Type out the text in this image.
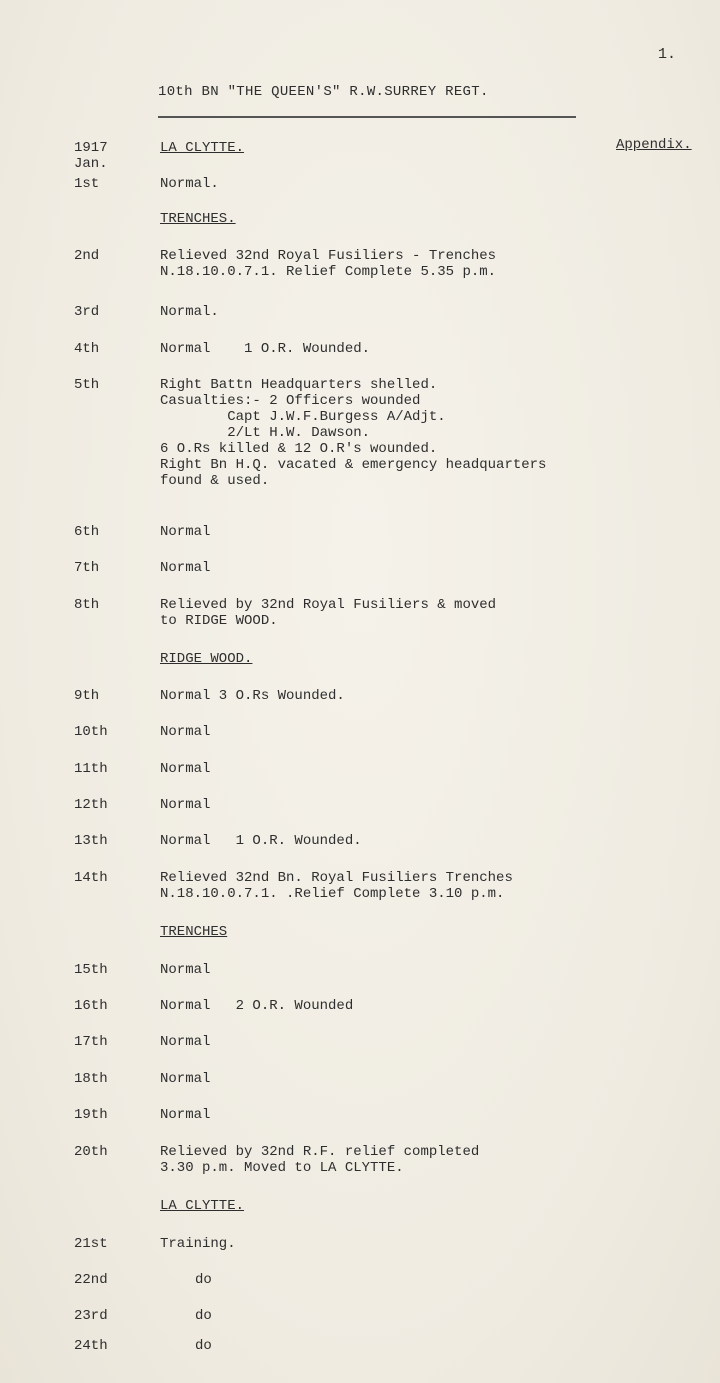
1.
10th BN "THE QUEEN'S" R.W.SURREY REGT.
Appendix.
1917
Jan.
LA CLYTTE.
1st	Normal.
TRENCHES.
2nd	Relieved 32nd Royal Fusiliers - Trenches
N.18.10.0.7.1. Relief Complete 5.35 p.m.
3rd	Normal.
4th	Normal    1 O.R. Wounded.
5th	Right Battn Headquarters shelled.
Casualties:- 2 Officers wounded
Capt J.W.F.Burgess A/Adjt.
2/Lt H.W. Dawson.
6 O.Rs killed & 12 O.R's wounded.
Right Bn H.Q. vacated & emergency headquarters
found & used.
6th	Normal
7th	Normal
8th	Relieved by 32nd Royal Fusiliers & moved
to RIDGE WOOD.
RIDGE WOOD.
9th	Normal 3 O.Rs Wounded.
10th	Normal
11th	Normal
12th	Normal
13th	Normal   1 O.R. Wounded.
14th	Relieved 32nd Bn. Royal Fusiliers Trenches
N.18.10.0.7.1. .Relief Complete 3.10 p.m.
TRENCHES
15th	Normal
16th	Normal   2 O.R. Wounded
17th	Normal
18th	Normal
19th	Normal
20th	Relieved by 32nd R.F. relief completed
3.30 p.m. Moved to LA CLYTTE.
LA CLYTTE.
21st	Training.
22nd	do
23rd	do
24th	do
